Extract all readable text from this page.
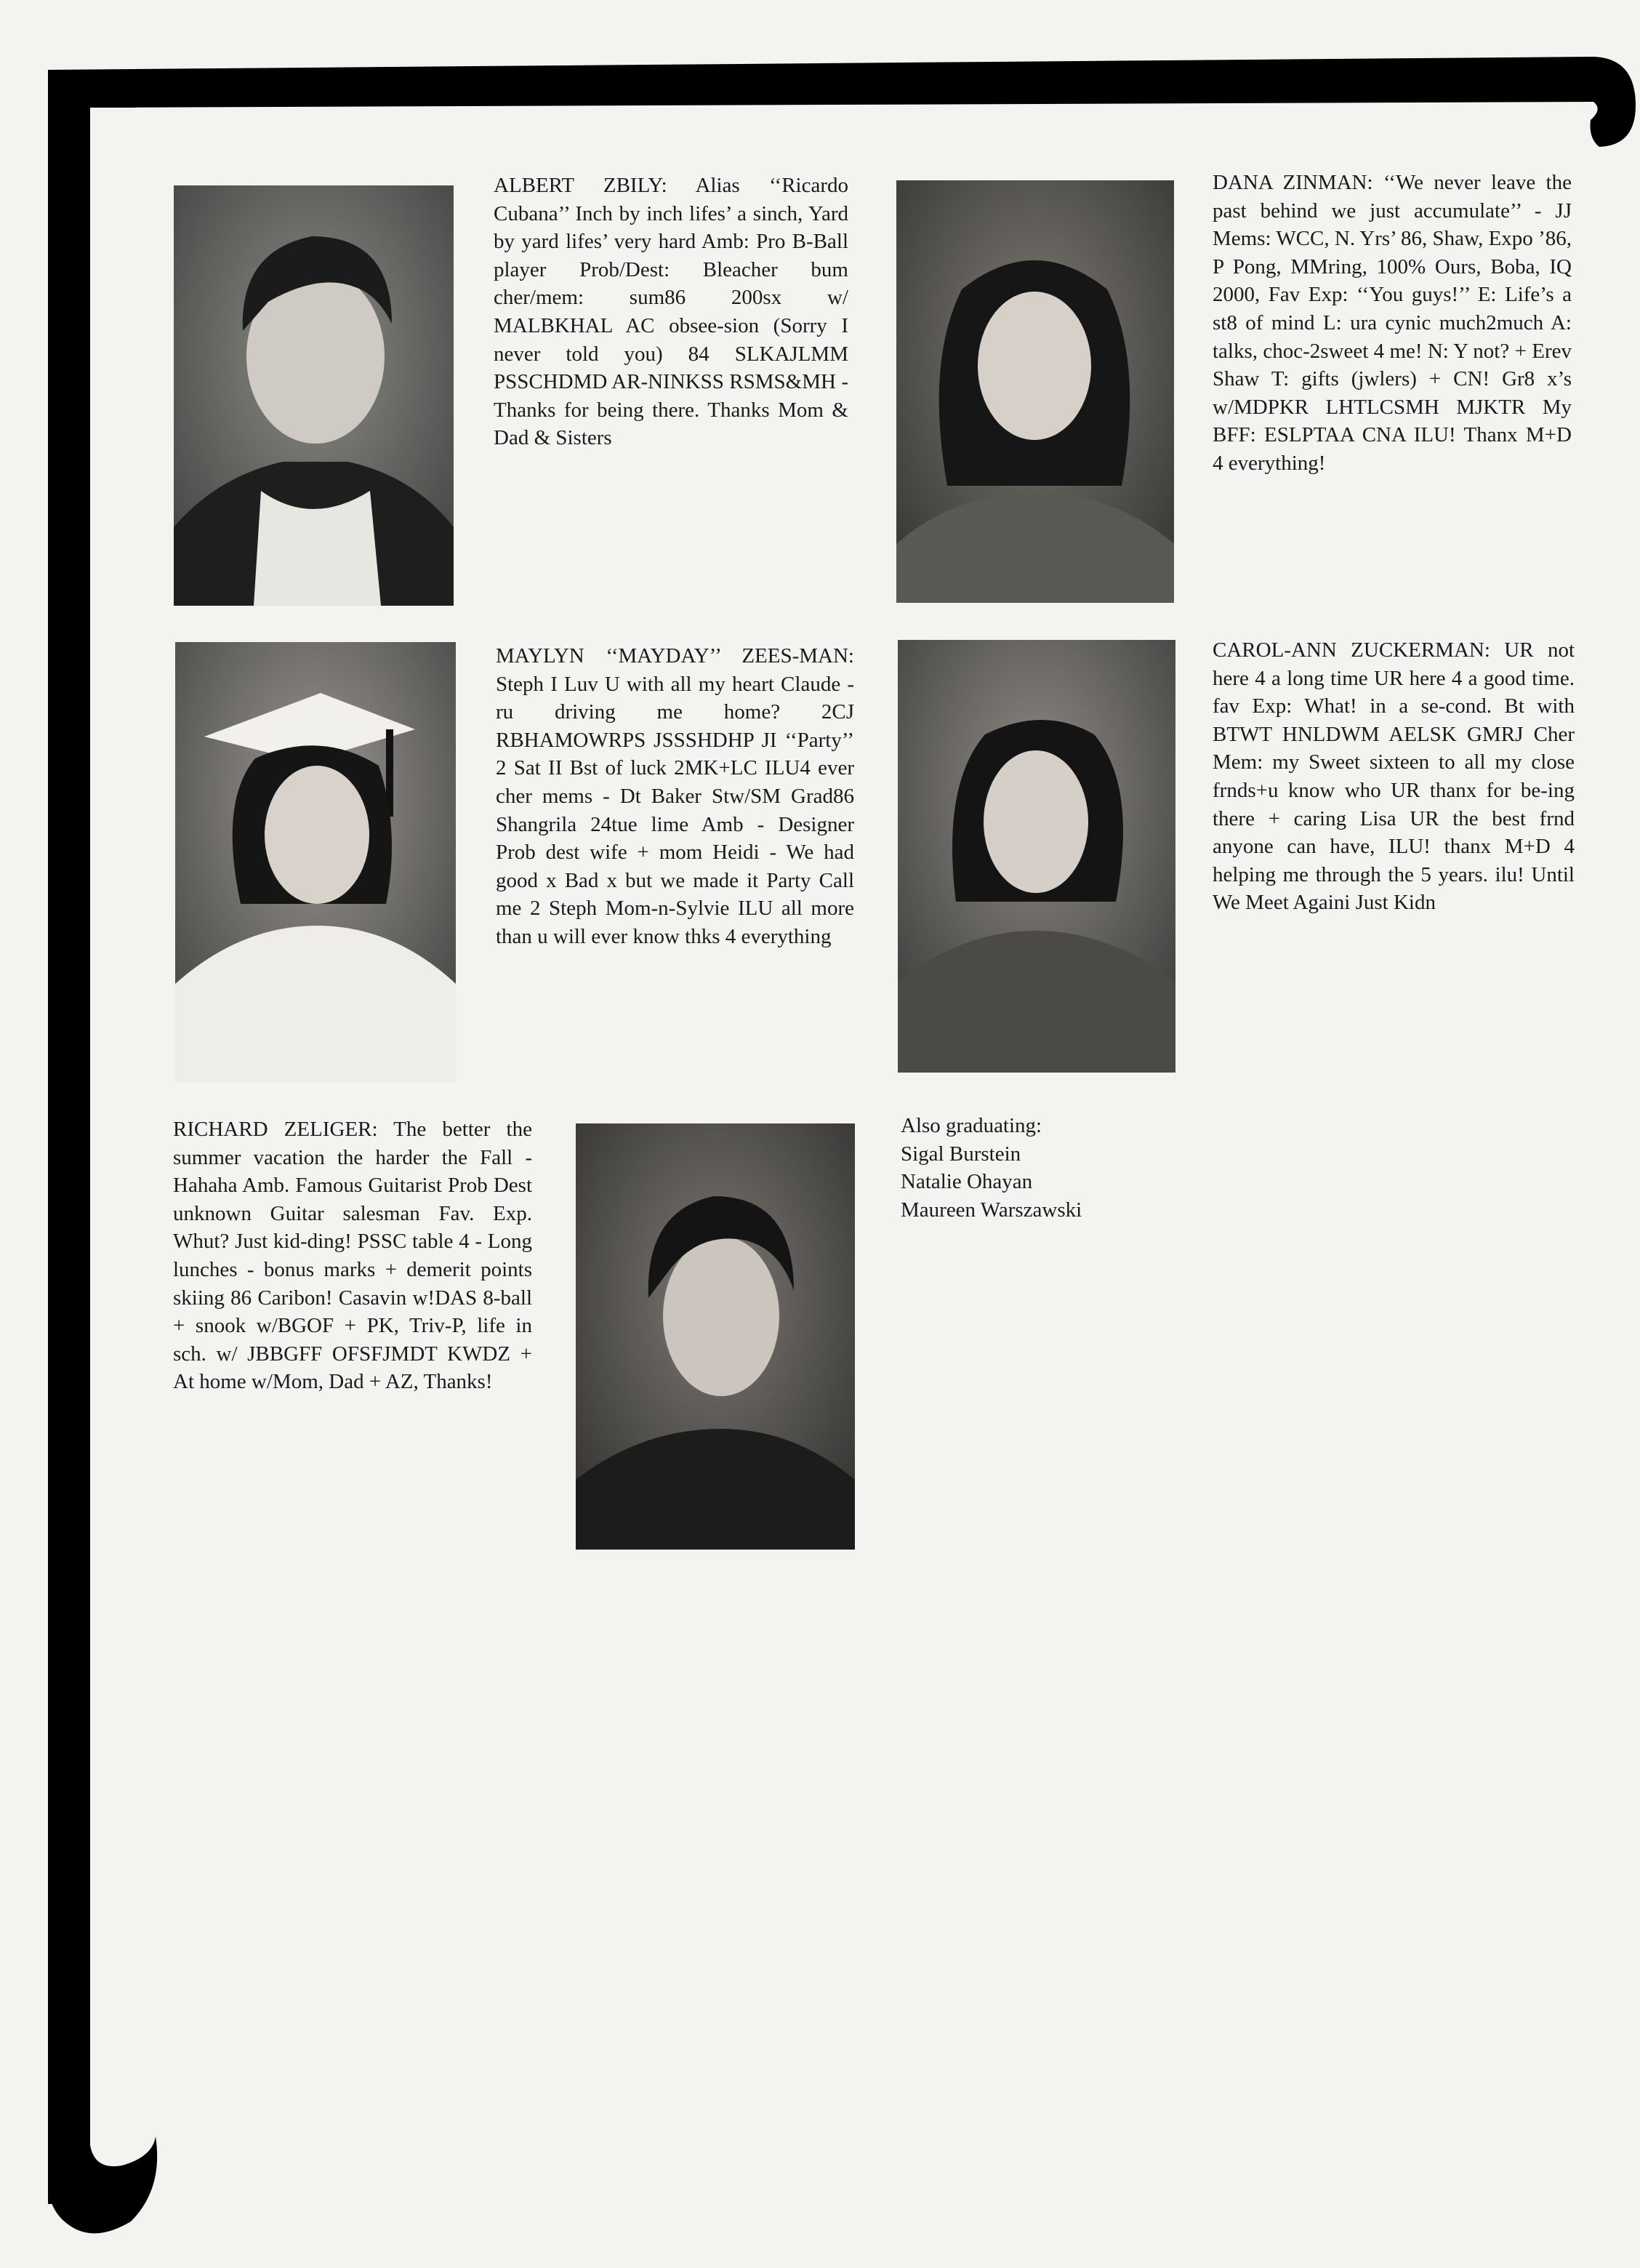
ALBERT ZBILY: Alias ‘‘Ricardo Cubana’’ Inch by inch lifes’ a sinch, Yard by yard lifes’ very hard Amb: Pro B-Ball player Prob/Dest: Bleacher bum cher/mem: sum86 200sx w/ MALBKHAL AC obsee-sion (Sorry I never told you) 84 SLKAJLMM PSSCHDMD AR-NINKSS RSMS&MH - Thanks for being there. Thanks Mom & Dad & Sisters

DANA ZINMAN: ‘‘We never leave the past behind we just accumulate’’ - JJ Mems: WCC, N. Yrs’ 86, Shaw, Expo ’86, P Pong, MMring, 100% Ours, Boba, IQ 2000, Fav Exp: ‘‘You guys!’’ E: Life’s a st8 of mind L: ura cynic much2much A: talks, choc-2sweet 4 me! N: Y not? + Erev Shaw T: gifts (jwlers) + CN! Gr8 x’s w/MDPKR LHTLCSMH MJKTR My BFF: ESLPTAA CNA ILU! Thanx M+D 4 everything!

MAYLYN ‘‘MAYDAY’’ ZEES-MAN: Steph I Luv U with all my heart Claude - ru driving me home? 2CJ RBHAMOWRPS JSSSHDHP JI ‘‘Party’’ 2 Sat II Bst of luck 2MK+LC ILU4 ever cher mems - Dt Baker Stw/SM Grad86 Shangrila 24tue lime Amb - Designer Prob dest wife + mom Heidi - We had good x Bad x but we made it Party Call me 2 Steph Mom-n-Sylvie ILU all more than u will ever know thks 4 everything

CAROL-ANN ZUCKERMAN: UR not here 4 a long time UR here 4 a good time. fav Exp: What! in a se-cond. Bt with BTWT HNLDWM AELSK GMRJ Cher Mem: my Sweet sixteen to all my close frnds+u know who UR thanx for be-ing there + caring Lisa UR the best frnd anyone can have, ILU! thanx M+D 4 helping me through the 5 years. ilu! Until We Meet Againi Just Kidn

RICHARD ZELIGER: The better the summer vacation the harder the Fall - Hahaha Amb. Famous Guitarist Prob Dest unknown Guitar salesman Fav. Exp. Whut? Just kid-ding! PSSC table 4 - Long lunches - bonus marks + demerit points skiing 86 Caribon! Casavin w!DAS 8-ball + snook w/BGOF + PK, Triv-P, life in sch. w/ JBBGFF OFSFJMDT KWDZ + At home w/Mom, Dad + AZ, Thanks!

Also graduating:
Sigal Burstein
Natalie Ohayan
Maureen Warszawski
